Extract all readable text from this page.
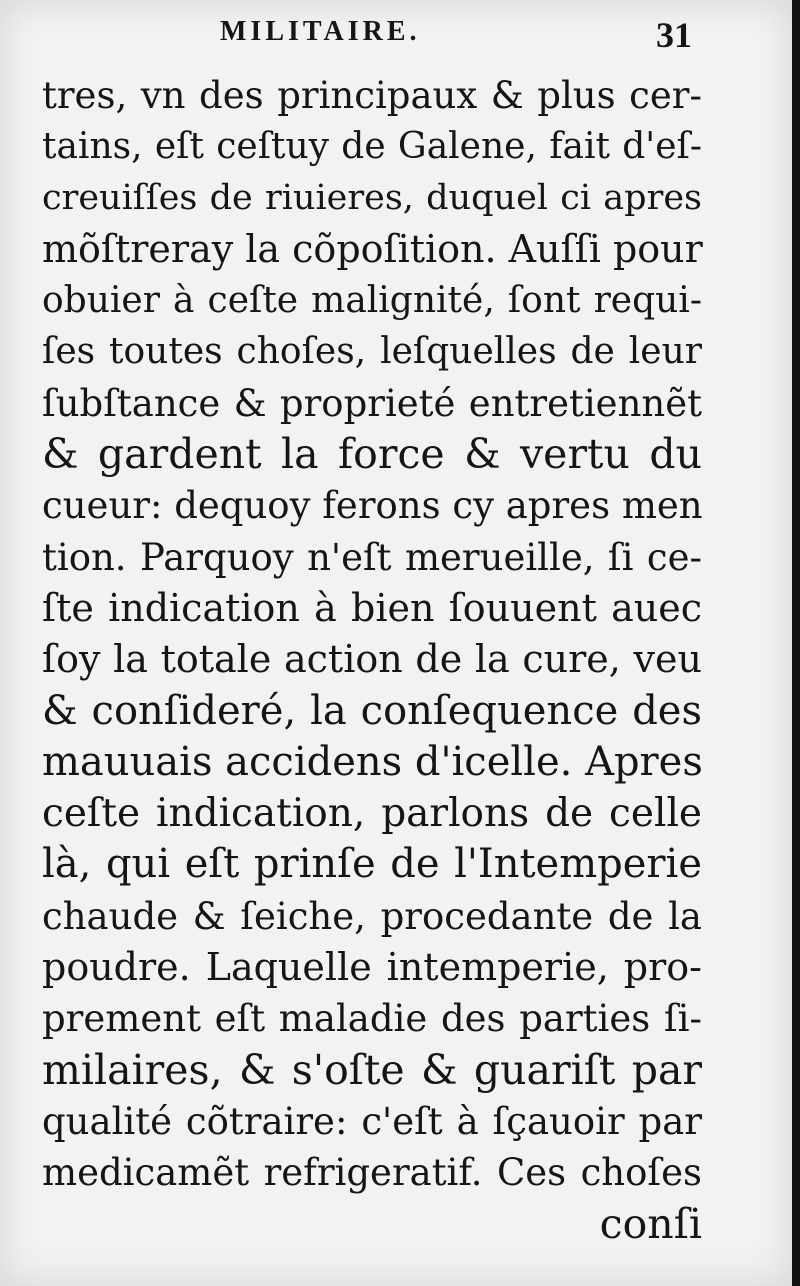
MILITAIRE.	31
tres, vn des principaux & plus cer-
tains, eſt ceſtuy de Galene, fait d'eſ-
creuiſſes de riuieres, duquel ci apres
mõſtreray la cõpoſition. Auſſi pour
obuier à ceſte malignité, ſont requi-
ſes toutes choſes, leſquelles de leur
ſubſtance & proprieté entretiennẽt
& gardent la force & vertu du
cueur: dequoy ferons cy apres men
tion. Parquoy n'eſt merueille, ſi ce-
ſte indication à bien ſouuent auec
ſoy la totale action de la cure, veu
& conſideré, la conſequence des
mauuais accidens d'icelle. Apres
ceſte indication, parlons de celle
là, qui eſt prinſe de l'Intemperie
chaude & ſeiche, procedante de la
poudre. Laquelle intemperie, pro-
prement eſt maladie des parties ſi-
milaires, & s'oſte & guariſt par
qualité cõtraire: c'eſt à ſçauoir par
medicamẽt refrigeratif. Ces choſes
conſi
